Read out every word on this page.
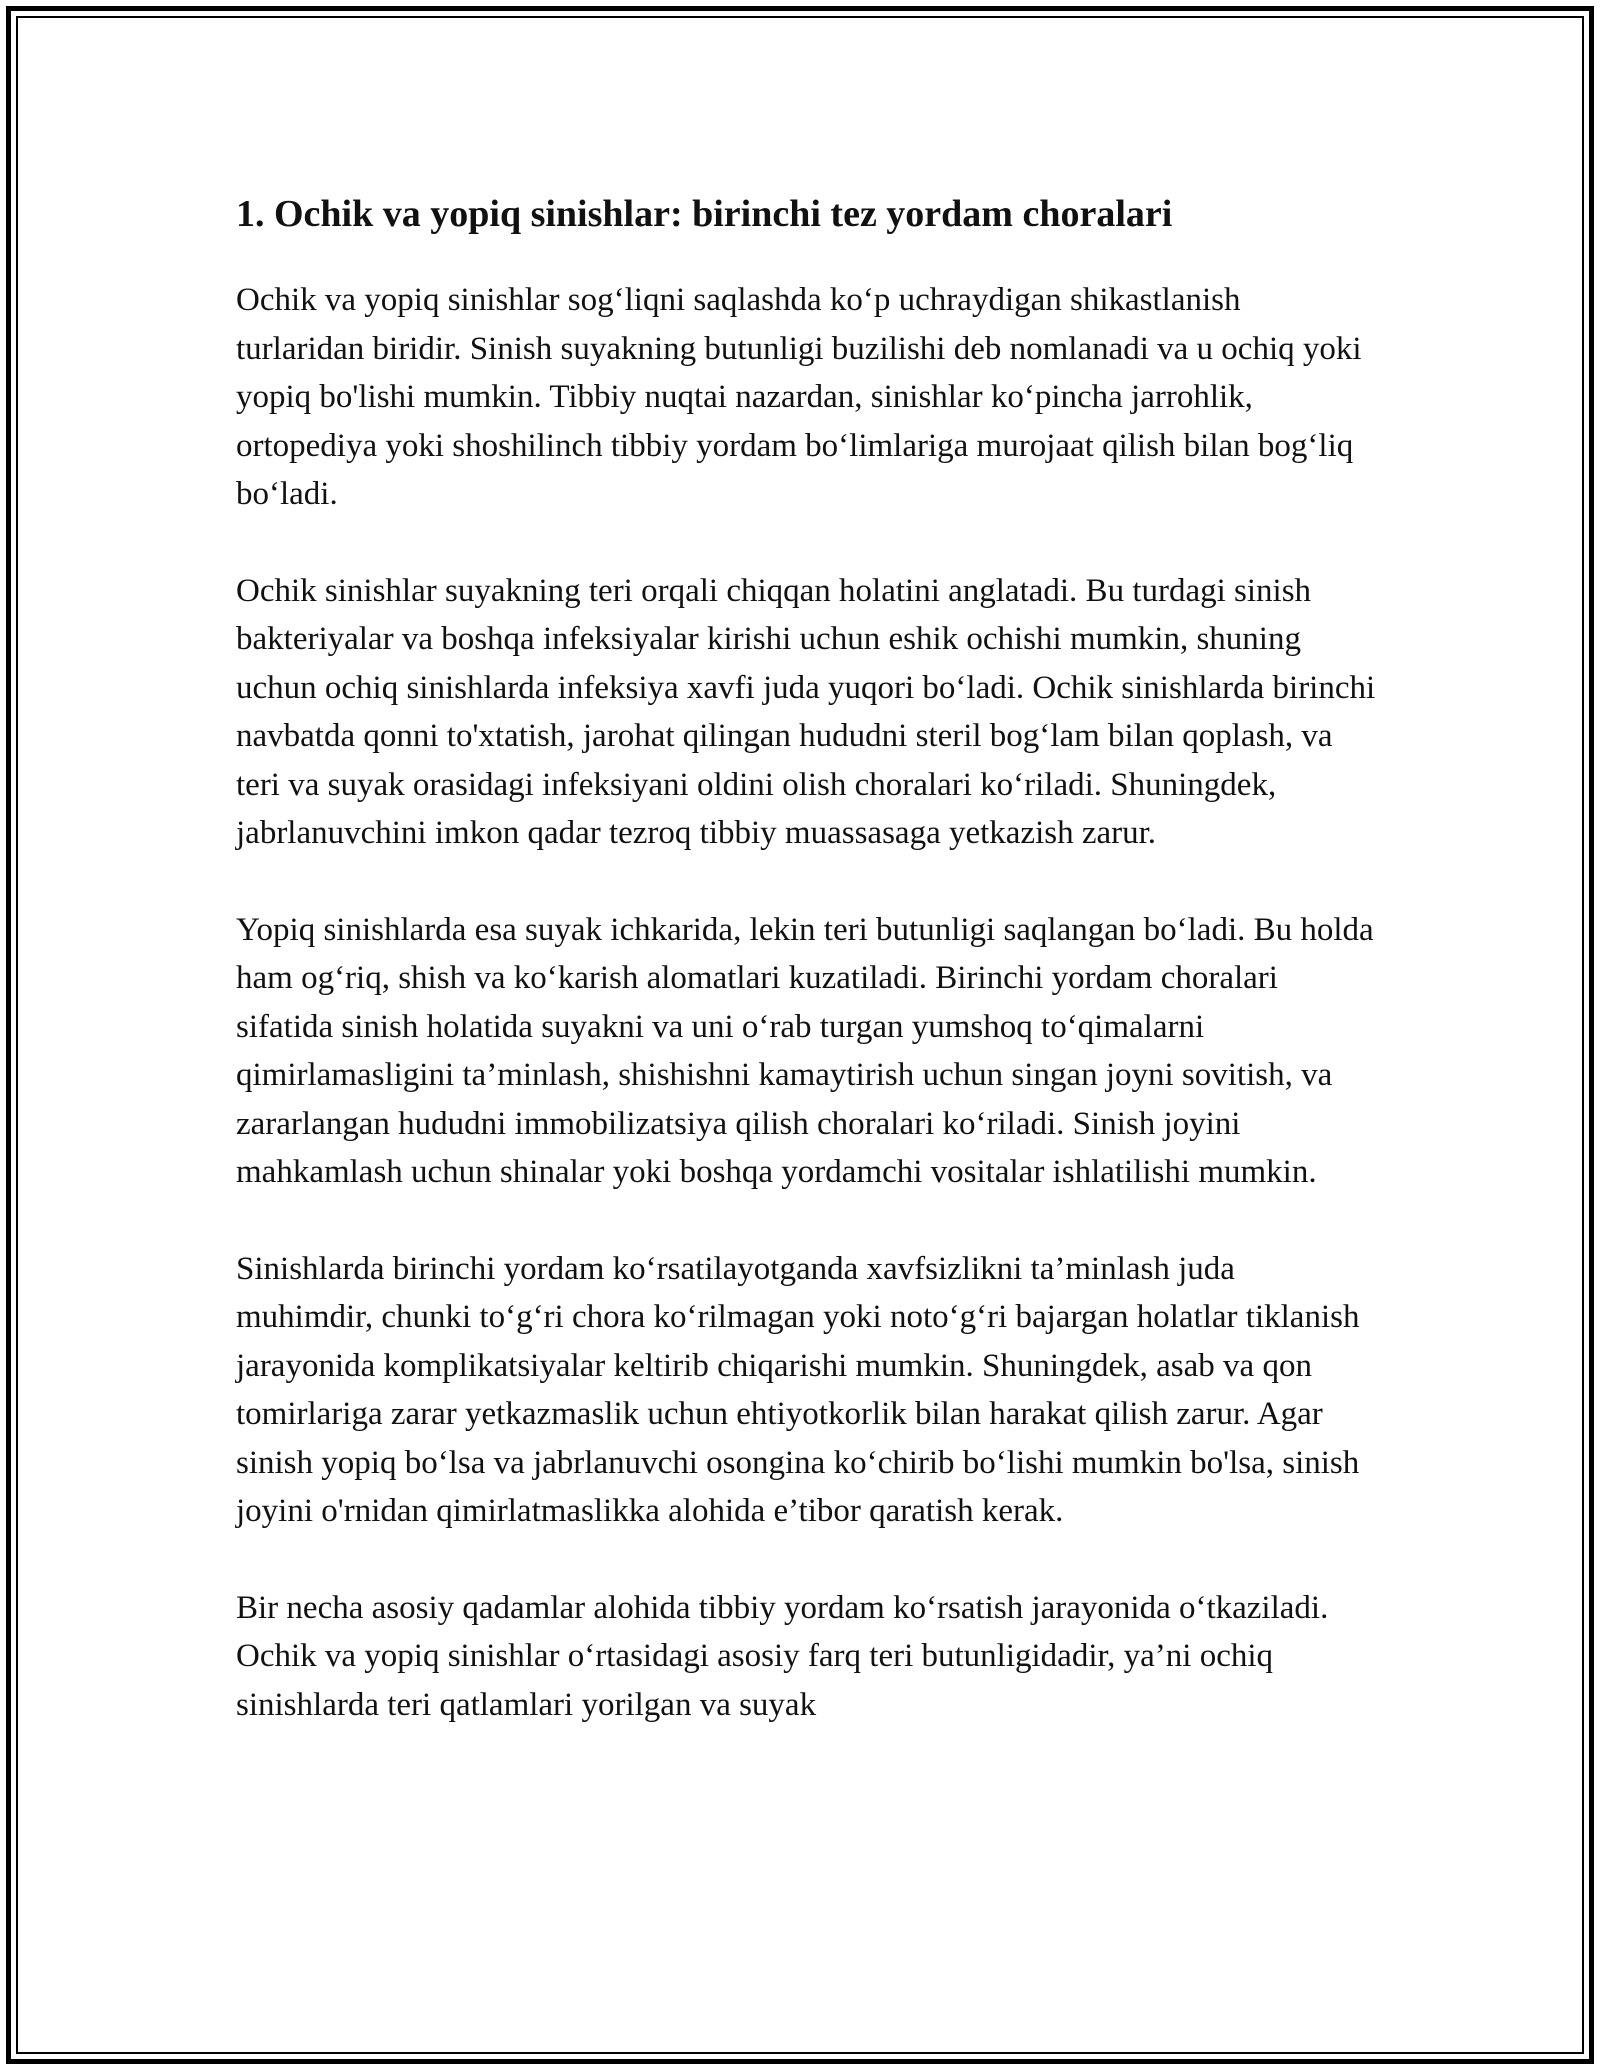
1. Ochik va yopiq sinishlar: birinchi tez yordam choralari

Ochik va yopiq sinishlar sog‘liqni saqlashda ko‘p uchraydigan shikastlanish turlaridan biridir. Sinish suyakning butunligi buzilishi deb nomlanadi va u ochiq yoki yopiq bo'lishi mumkin. Tibbiy nuqtai nazardan, sinishlar ko‘pincha jarrohlik, ortopediya yoki shoshilinch tibbiy yordam bo‘limlariga murojaat qilish bilan bog‘liq bo‘ladi.

Ochik sinishlar suyakning teri orqali chiqqan holatini anglatadi. Bu turdagi sinish bakteriyalar va boshqa infeksiyalar kirishi uchun eshik ochishi mumkin, shuning uchun ochiq sinishlarda infeksiya xavfi juda yuqori bo‘ladi. Ochik sinishlarda birinchi navbatda qonni to'xtatish, jarohat qilingan hududni steril bog‘lam bilan qoplash, va teri va suyak orasidagi infeksiyani oldini olish choralari ko‘riladi. Shuningdek, jabrlanuvchini imkon qadar tezroq tibbiy muassasaga yetkazish zarur.

Yopiq sinishlarda esa suyak ichkarida, lekin teri butunligi saqlangan bo‘ladi. Bu holda ham og‘riq, shish va ko‘karish alomatlari kuzatiladi. Birinchi yordam choralari sifatida sinish holatida suyakni va uni o‘rab turgan yumshoq to‘qimalarni qimirlamasligini ta’minlash, shishishni kamaytirish uchun singan joyni sovitish, va zararlangan hududni immobilizatsiya qilish choralari ko‘riladi. Sinish joyini mahkamlash uchun shinalar yoki boshqa yordamchi vositalar ishlatilishi mumkin.

Sinishlarda birinchi yordam ko‘rsatilayotganda xavfsizlikni ta’minlash juda muhimdir, chunki to‘g‘ri chora ko‘rilmagan yoki noto‘g‘ri bajargan holatlar tiklanish jarayonida komplikatsiyalar keltirib chiqarishi mumkin. Shuningdek, asab va qon tomirlariga zarar yetkazmaslik uchun ehtiyotkorlik bilan harakat qilish zarur. Agar sinish yopiq bo‘lsa va jabrlanuvchi osongina ko‘chirib bo‘lishi mumkin bo'lsa, sinish joyini o'rnidan qimirlatmaslikka alohida e’tibor qaratish kerak.

Bir necha asosiy qadamlar alohida tibbiy yordam ko‘rsatish jarayonida o‘tkaziladi. Ochik va yopiq sinishlar o‘rtasidagi asosiy farq teri butunligidadir, ya’ni ochiq sinishlarda teri qatlamlari yorilgan va suyak
